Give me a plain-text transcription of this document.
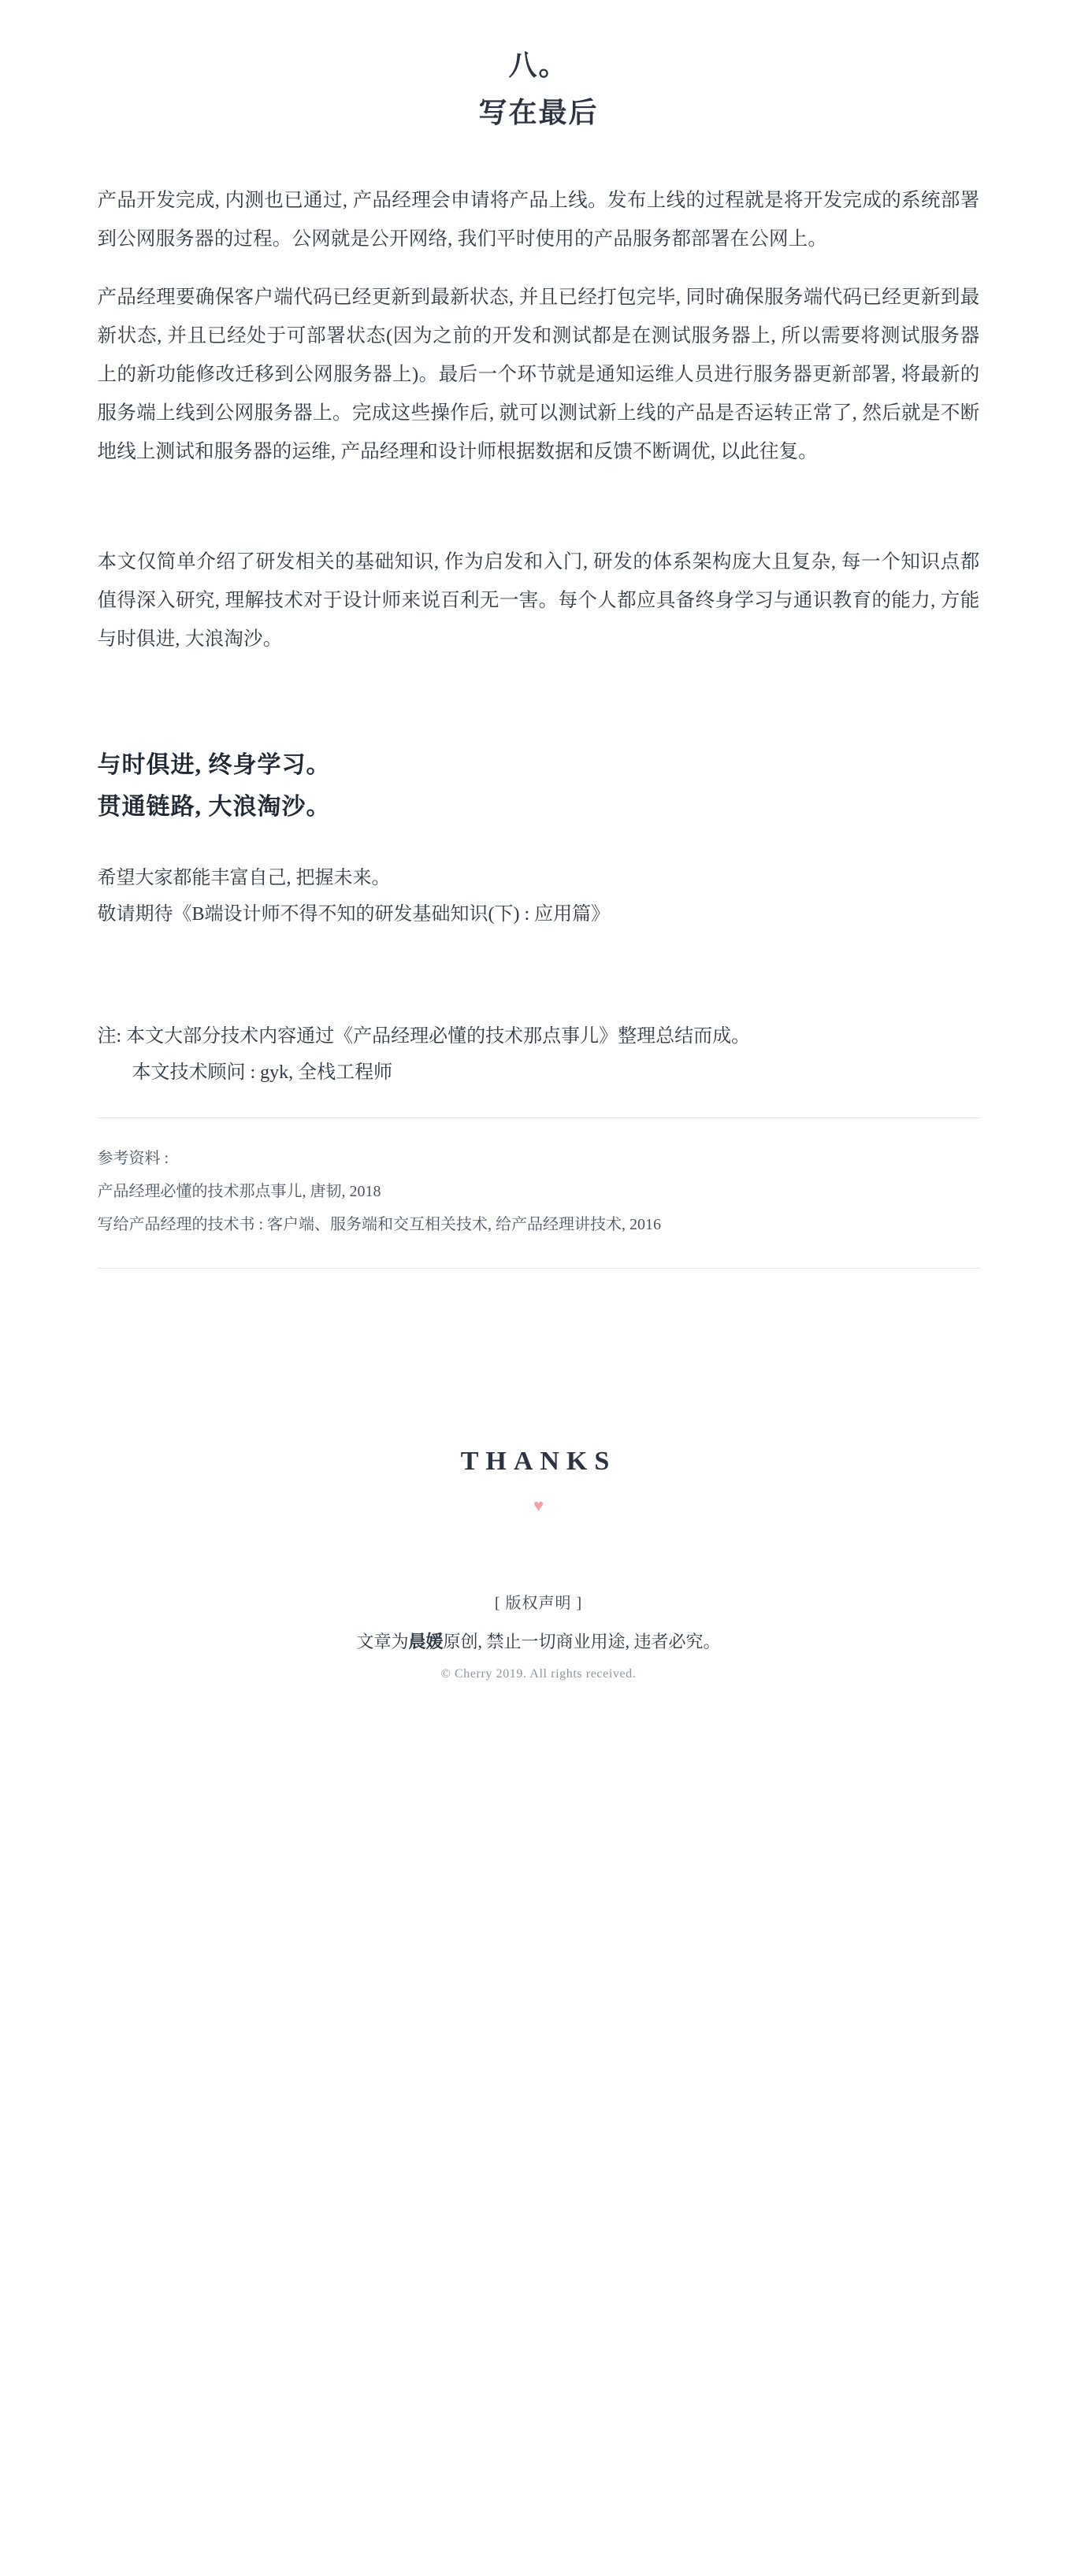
八。
写在最后

产品开发完成, 内测也已通过, 产品经理会申请将产品上线。发布上线的过程就是将开发完成的系统部署到公网服务器的过程。公网就是公开网络, 我们平时使用的产品服务都部署在公网上。

产品经理要确保客户端代码已经更新到最新状态, 并且已经打包完毕, 同时确保服务端代码已经更新到最新状态, 并且已经处于可部署状态(因为之前的开发和测试都是在测试服务器上, 所以需要将测试服务器上的新功能修改迁移到公网服务器上)。最后一个环节就是通知运维人员进行服务器更新部署, 将最新的服务端上线到公网服务器上。完成这些操作后, 就可以测试新上线的产品是否运转正常了, 然后就是不断地线上测试和服务器的运维, 产品经理和设计师根据数据和反馈不断调优, 以此往复。

本文仅简单介绍了研发相关的基础知识, 作为启发和入门, 研发的体系架构庞大且复杂, 每一个知识点都值得深入研究, 理解技术对于设计师来说百利无一害。每个人都应具备终身学习与通识教育的能力, 方能与时俱进, 大浪淘沙。

与时俱进, 终身学习。
贯通链路, 大浪淘沙。
希望大家都能丰富自己, 把握未来。
敬请期待《B端设计师不得不知的研发基础知识(下) : 应用篇》
注: 本文大部分技术内容通过《产品经理必懂的技术那点事儿》整理总结而成。
本文技术顾问 : gyk, 全栈工程师
参考资料 :
产品经理必懂的技术那点事儿, 唐韧, 2018
写给产品经理的技术书 : 客户端、服务端和交互相关技术, 给产品经理讲技术, 2016
THANKS
♥
[ 版权声明 ]
文章为晨媛原创, 禁止一切商业用途, 违者必究。
© Cherry 2019. All rights received.
